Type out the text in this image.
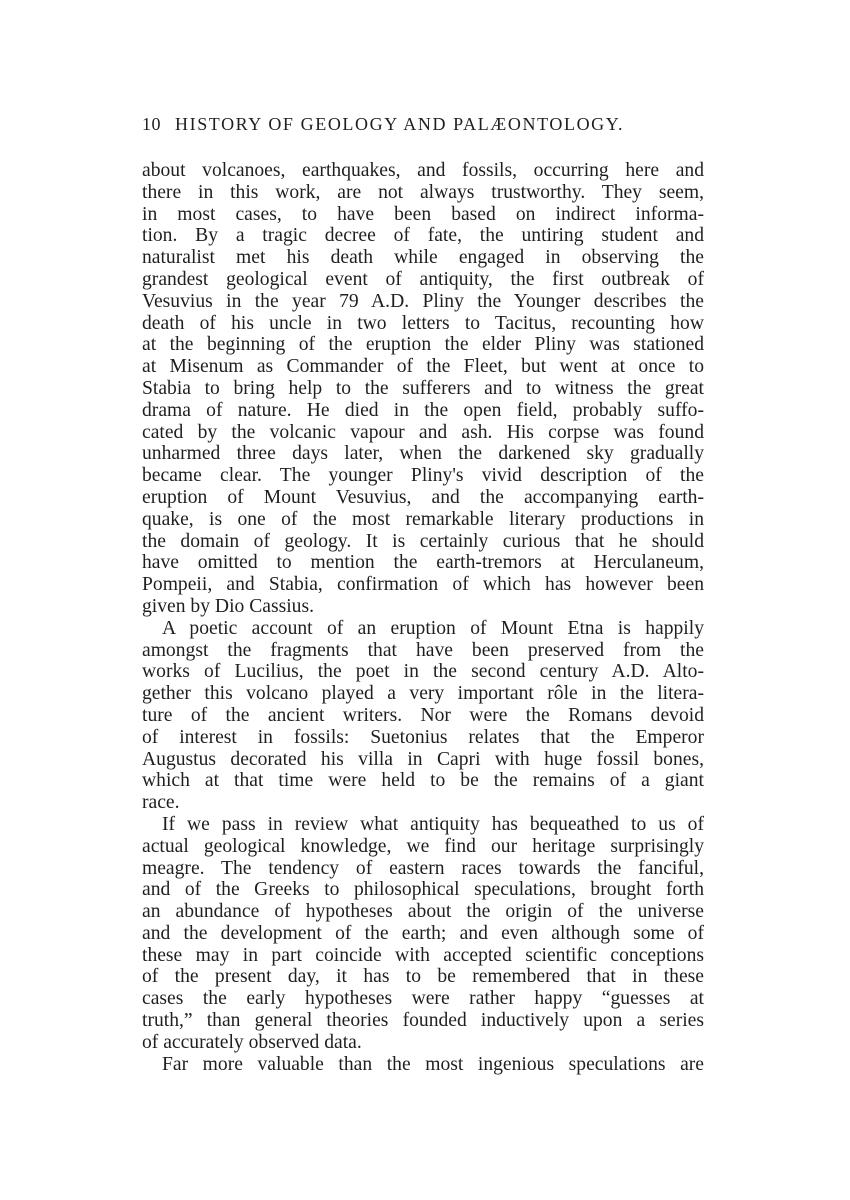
10 HISTORY OF GEOLOGY AND PALÆONTOLOGY.
about volcanoes, earthquakes, and fossils, occurring here and
there in this work, are not always trustworthy. They seem,
in most cases, to have been based on indirect informa-
tion. By a tragic decree of fate, the untiring student and
naturalist met his death while engaged in observing the
grandest geological event of antiquity, the first outbreak of
Vesuvius in the year 79 A.D. Pliny the Younger describes the
death of his uncle in two letters to Tacitus, recounting how
at the beginning of the eruption the elder Pliny was stationed
at Misenum as Commander of the Fleet, but went at once to
Stabia to bring help to the sufferers and to witness the great
drama of nature. He died in the open field, probably suffo-
cated by the volcanic vapour and ash. His corpse was found
unharmed three days later, when the darkened sky gradually
became clear. The younger Pliny's vivid description of the
eruption of Mount Vesuvius, and the accompanying earth-
quake, is one of the most remarkable literary productions in
the domain of geology. It is certainly curious that he should
have omitted to mention the earth-tremors at Herculaneum,
Pompeii, and Stabia, confirmation of which has however been
given by Dio Cassius.
A poetic account of an eruption of Mount Etna is happily
amongst the fragments that have been preserved from the
works of Lucilius, the poet in the second century A.D. Alto-
gether this volcano played a very important rôle in the litera-
ture of the ancient writers. Nor were the Romans devoid
of interest in fossils: Suetonius relates that the Emperor
Augustus decorated his villa in Capri with huge fossil bones,
which at that time were held to be the remains of a giant
race.
If we pass in review what antiquity has bequeathed to us of
actual geological knowledge, we find our heritage surprisingly
meagre. The tendency of eastern races towards the fanciful,
and of the Greeks to philosophical speculations, brought forth
an abundance of hypotheses about the origin of the universe
and the development of the earth; and even although some of
these may in part coincide with accepted scientific conceptions
of the present day, it has to be remembered that in these
cases the early hypotheses were rather happy “guesses at
truth,” than general theories founded inductively upon a series
of accurately observed data.
Far more valuable than the most ingenious speculations are
